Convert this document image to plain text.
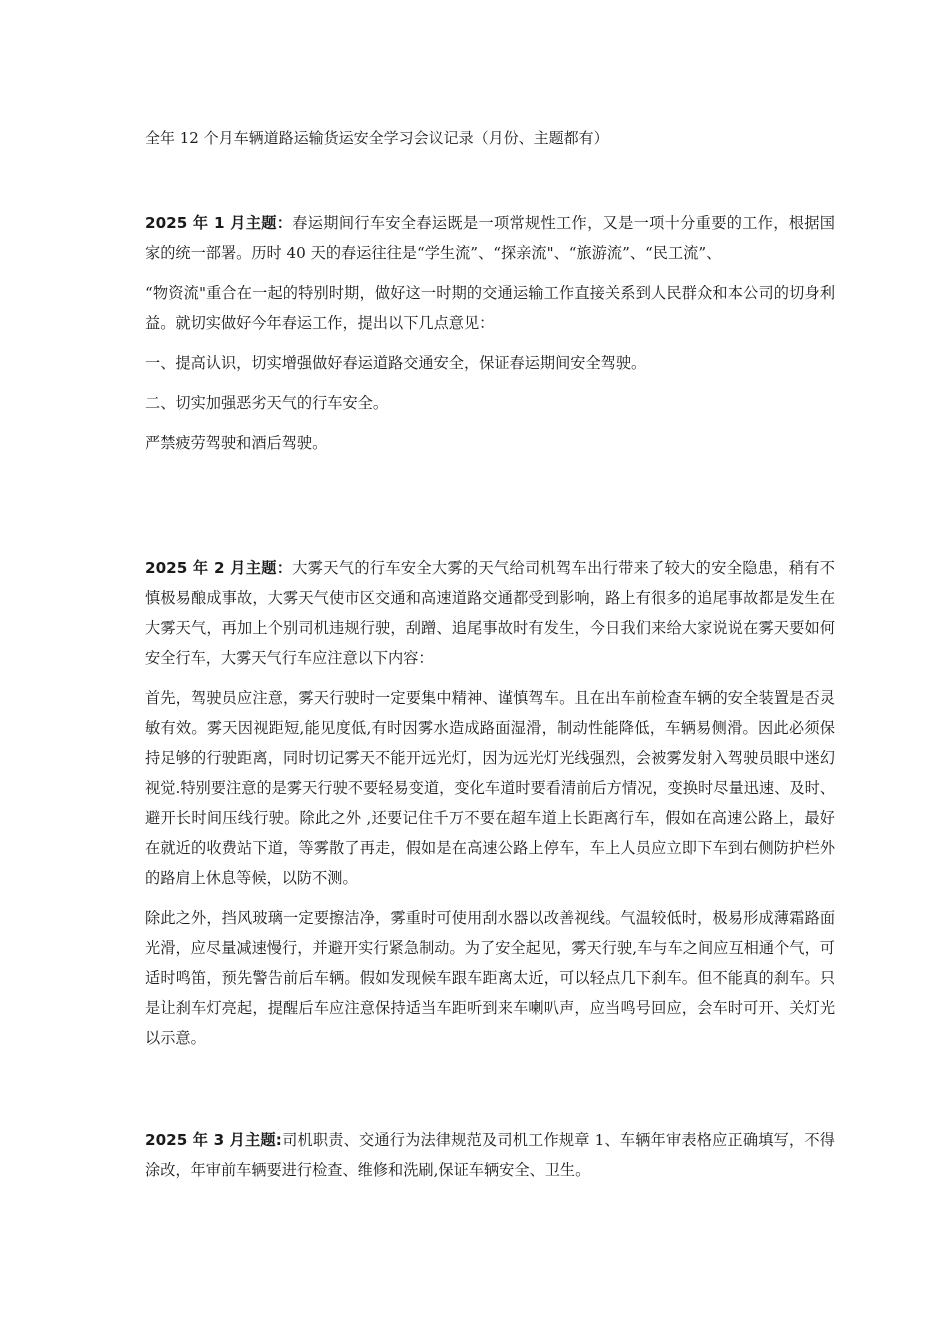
全年 12 个月车辆道路运输货运安全学习会议记录（月份、主题都有）

2025 年 1 月主题：春运期间行车安全春运既是一项常规性工作，又是一项十分重要的工作，根据国家的统一部署。历时 40 天的春运往往是“学生流”、“探亲流"、“旅游流”、“民工流”、

“物资流"重合在一起的特别时期，做好这一时期的交通运输工作直接关系到人民群众和本公司的切身利益。就切实做好今年春运工作，提出以下几点意见：

一、提高认识，切实增强做好春运道路交通安全，保证春运期间安全驾驶。

二、切实加强恶劣天气的行车安全。

严禁疲劳驾驶和酒后驾驶。

2025 年 2 月主题：大雾天气的行车安全大雾的天气给司机驾车出行带来了较大的安全隐患，稍有不慎极易酿成事故，大雾天气使市区交通和高速道路交通都受到影响，路上有很多的追尾事故都是发生在大雾天气，再加上个别司机违规行驶，刮蹭、追尾事故时有发生，今日我们来给大家说说在雾天要如何安全行车，大雾天气行车应注意以下内容：

首先，驾驶员应注意，雾天行驶时一定要集中精神、谨慎驾车。且在出车前检查车辆的安全装置是否灵敏有效。雾天因视距短,能见度低,有时因雾水造成路面湿滑，制动性能降低，车辆易侧滑。因此必须保持足够的行驶距离，同时切记雾天不能开远光灯，因为远光灯光线强烈，会被雾发射入驾驶员眼中迷幻视觉.特别要注意的是雾天行驶不要轻易变道，变化车道时要看清前后方情况，变换时尽量迅速、及时、避开长时间压线行驶。除此之外 ,还要记住千万不要在超车道上长距离行车，假如在高速公路上，最好在就近的收费站下道，等雾散了再走，假如是在高速公路上停车，车上人员应立即下车到右侧防护栏外的路肩上休息等候，以防不测。

除此之外，挡风玻璃一定要擦洁净，雾重时可使用刮水器以改善视线。气温较低时，极易形成薄霜路面光滑，应尽量减速慢行，并避开实行紧急制动。为了安全起见，雾天行驶,车与车之间应互相通个气，可适时鸣笛，预先警告前后车辆。假如发现候车跟车距离太近，可以轻点几下刹车。但不能真的刹车。只是让刹车灯亮起，提醒后车应注意保持适当车距听到来车喇叭声，应当鸣号回应，会车时可开、关灯光以示意。

2025 年 3 月主题:司机职责、交通行为法律规范及司机工作规章 1、车辆年审表格应正确填写，不得涂改，年审前车辆要进行检查、维修和洗刷,保证车辆安全、卫生。
